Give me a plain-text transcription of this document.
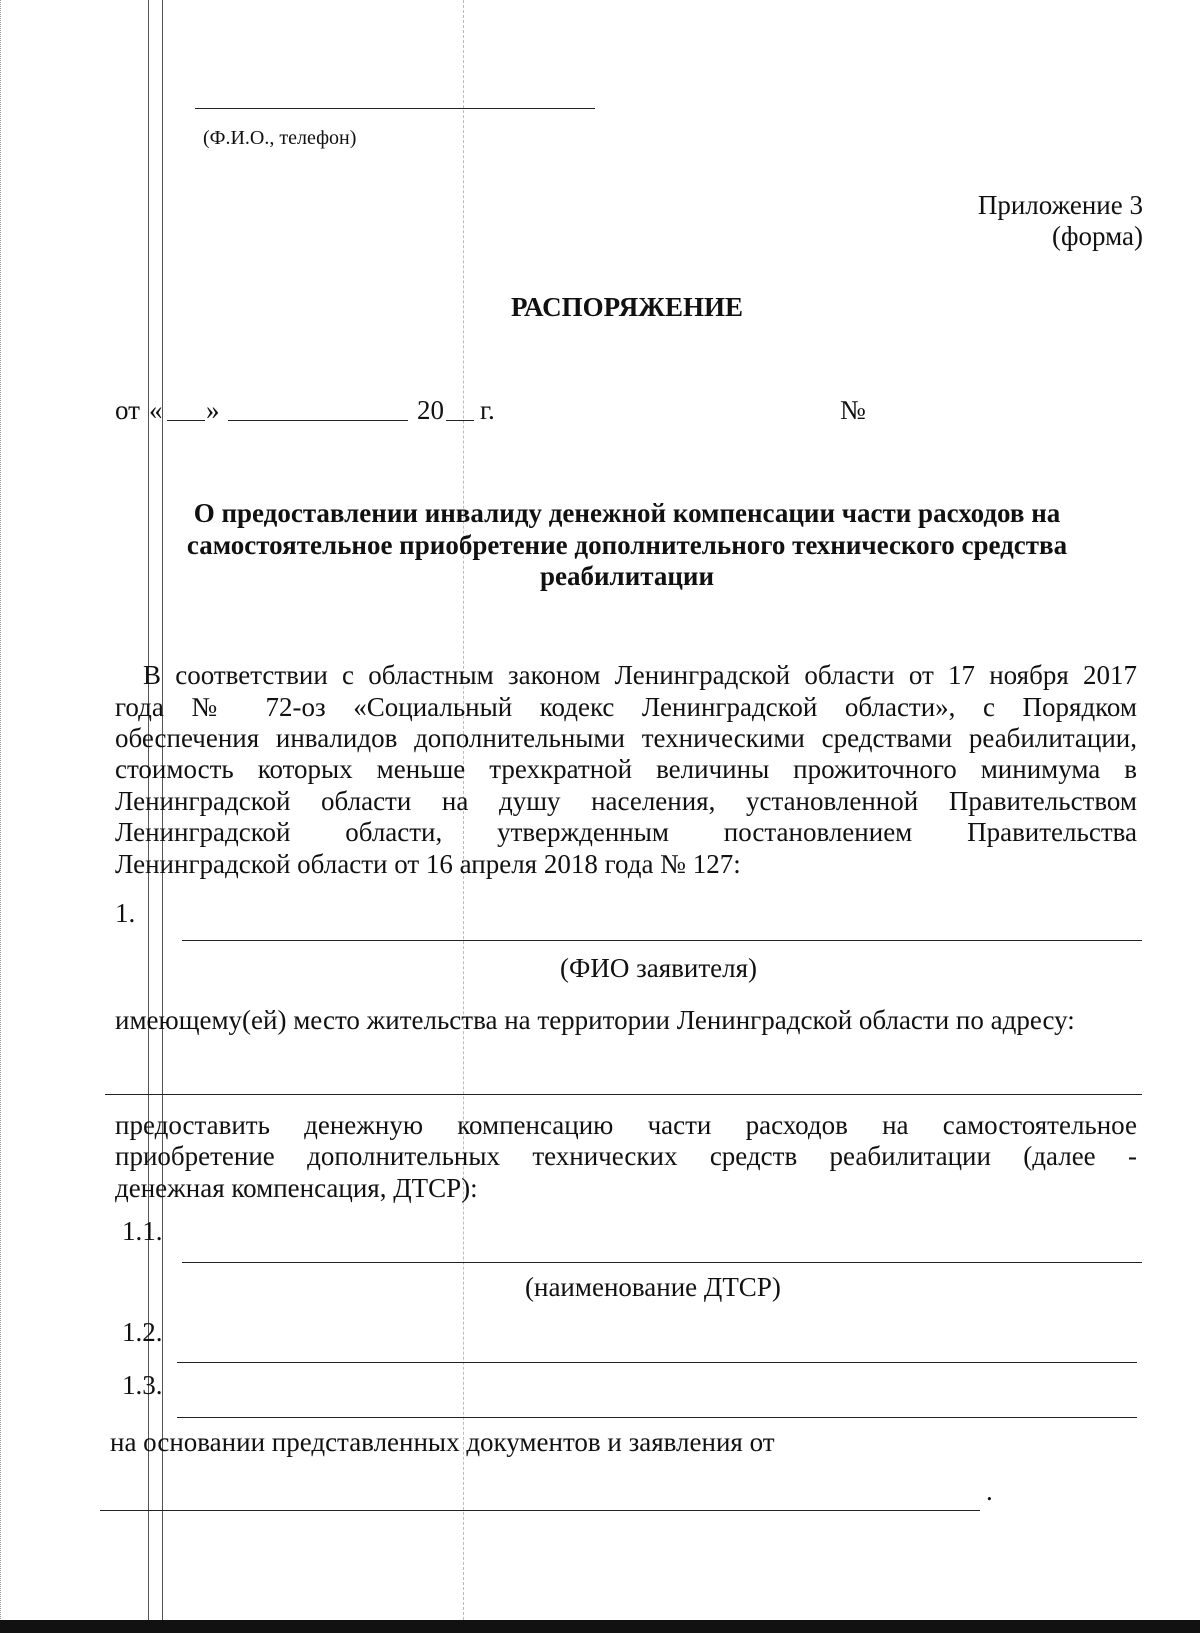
(Ф.И.О., телефон)
Приложение 3
(форма)
РАСПОРЯЖЕНИЕ
от « »	20 г.	№
О предоставлении инвалиду денежной компенсации части расходов на
самостоятельное приобретение дополнительного технического средства
реабилитации
В соответствии с областным законом Ленинградской области от 17 ноября 2017
года № 72-оз «Социальный кодекс Ленинградской области», с Порядком
обеспечения инвалидов дополнительными техническими средствами реабилитации,
стоимость которых меньше трехкратной величины прожиточного минимума в
Ленинградской области на душу населения, установленной Правительством
Ленинградской области, утвержденным постановлением Правительства
Ленинградской области от 16 апреля 2018 года № 127:
1.
(ФИО заявителя)
имеющему(ей) место жительства на территории Ленинградской области по адресу:
предоставить денежную компенсацию части расходов на самостоятельное
приобретение дополнительных технических средств реабилитации (далее -
денежная компенсация, ДТСР):
1.1.
(наименование ДТСР)
1.2.
1.3.
на основании представленных документов и заявления от
.
